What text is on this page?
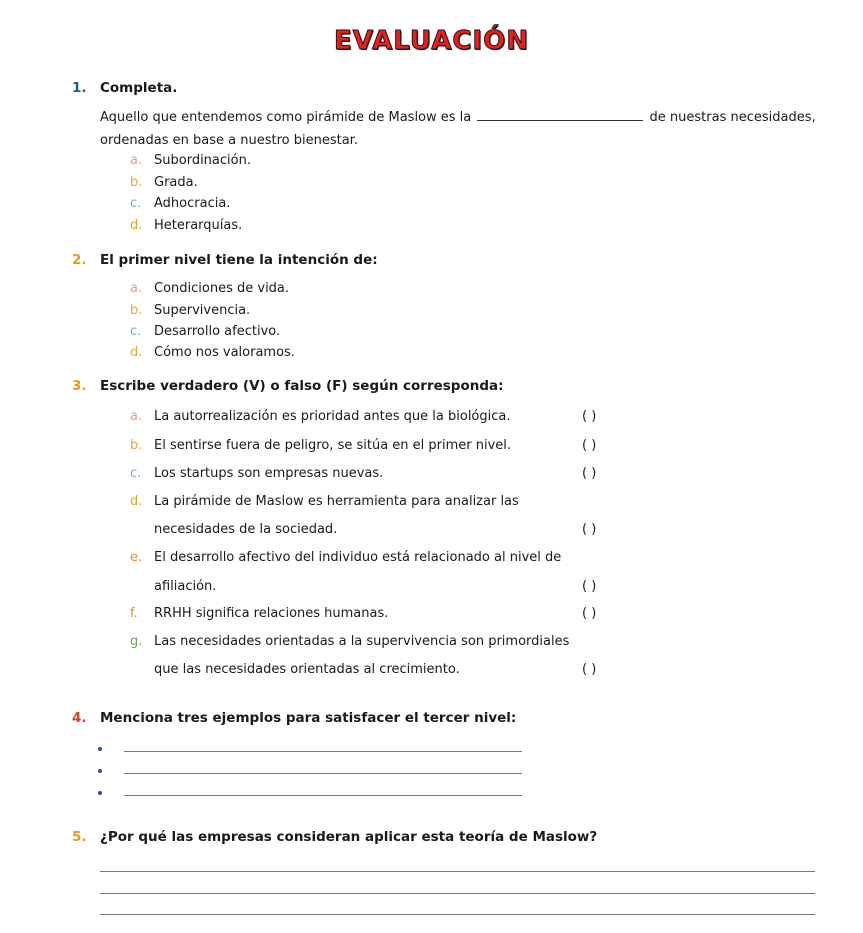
EVALUACIÓN
1. Completa.
Aquello que entendemos como pirámide de Maslow es la	de nuestras necesidades,
ordenadas en base a nuestro bienestar.
a. Subordinación.
b. Grada.
c. Adhocracia.
d. Heterarquías.
2. El primer nivel tiene la intención de:
a. Condiciones de vida.
b. Supervivencia.
c. Desarrollo afectivo.
d. Cómo nos valoramos.
3. Escribe verdadero (V) o falso (F) según corresponda:
a. La autorrealización es prioridad antes que la biológica.	( )
b. El sentirse fuera de peligro, se sitúa en el primer nivel.	( )
c. Los startups son empresas nuevas.	( )
d. La pirámide de Maslow es herramienta para analizar las
necesidades de la sociedad.	( )
e. El desarrollo afectivo del individuo está relacionado al nivel de
afiliación.	( )
f. RRHH significa relaciones humanas.	( )
g. Las necesidades orientadas a la supervivencia son primordiales
que las necesidades orientadas al crecimiento.	( )
4. Menciona tres ejemplos para satisfacer el tercer nivel:
5. ¿Por qué las empresas consideran aplicar esta teoría de Maslow?
